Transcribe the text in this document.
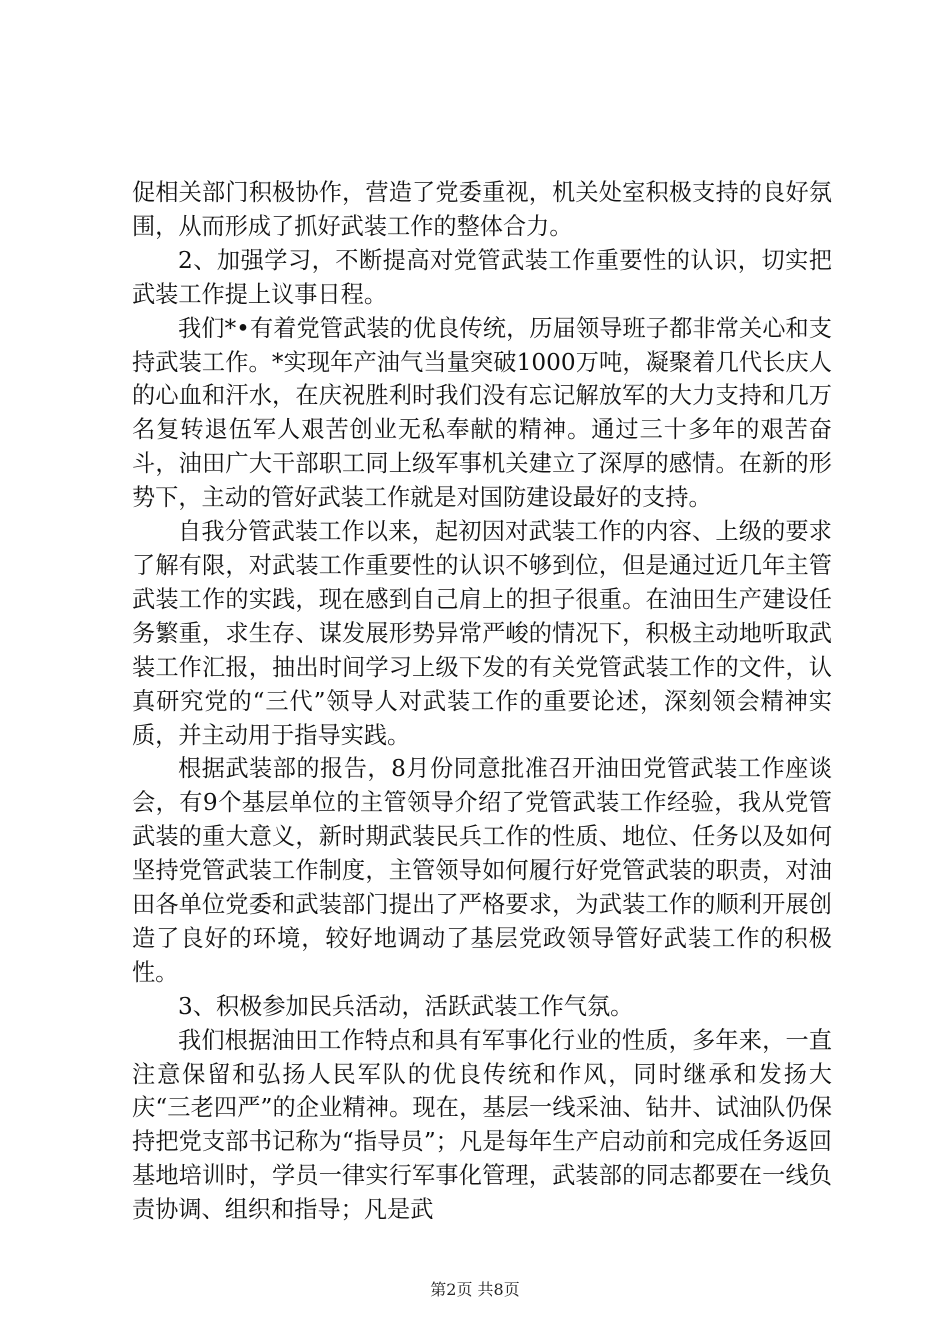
促相关部门积极协作，营造了党委重视，机关处室积极支持的良好氛围，从而形成了抓好武装工作的整体合力。

2、加强学习，不断提高对党管武装工作重要性的认识，切实把武装工作提上议事日程。

我们*•有着党管武装的优良传统，历届领导班子都非常关心和支持武装工作。*实现年产油气当量突破1000万吨，凝聚着几代长庆人的心血和汗水，在庆祝胜利时我们没有忘记解放军的大力支持和几万名复转退伍军人艰苦创业无私奉献的精神。通过三十多年的艰苦奋斗，油田广大干部职工同上级军事机关建立了深厚的感情。在新的形势下，主动的管好武装工作就是对国防建设最好的支持。

自我分管武装工作以来，起初因对武装工作的内容、上级的要求了解有限，对武装工作重要性的认识不够到位，但是通过近几年主管武装工作的实践，现在感到自己肩上的担子很重。在油田生产建设任务繁重，求生存、谋发展形势异常严峻的情况下，积极主动地听取武装工作汇报，抽出时间学习上级下发的有关党管武装工作的文件，认真研究党的“三代”领导人对武装工作的重要论述，深刻领会精神实质，并主动用于指导实践。

根据武装部的报告，8月份同意批准召开油田党管武装工作座谈会，有9个基层单位的主管领导介绍了党管武装工作经验，我从党管武装的重大意义，新时期武装民兵工作的性质、地位、任务以及如何坚持党管武装工作制度，主管领导如何履行好党管武装的职责，对油田各单位党委和武装部门提出了严格要求，为武装工作的顺利开展创造了良好的环境，较好地调动了基层党政领导管好武装工作的积极性。

3、积极参加民兵活动，活跃武装工作气氛。

我们根据油田工作特点和具有军事化行业的性质，多年来，一直注意保留和弘扬人民军队的优良传统和作风，同时继承和发扬大庆“三老四严”的企业精神。现在，基层一线采油、钻井、试油队仍保持把党支部书记称为“指导员”；凡是每年生产启动前和完成任务返回基地培训时，学员一律实行军事化管理，武装部的同志都要在一线负责协调、组织和指导；凡是武

第2页 共8页
